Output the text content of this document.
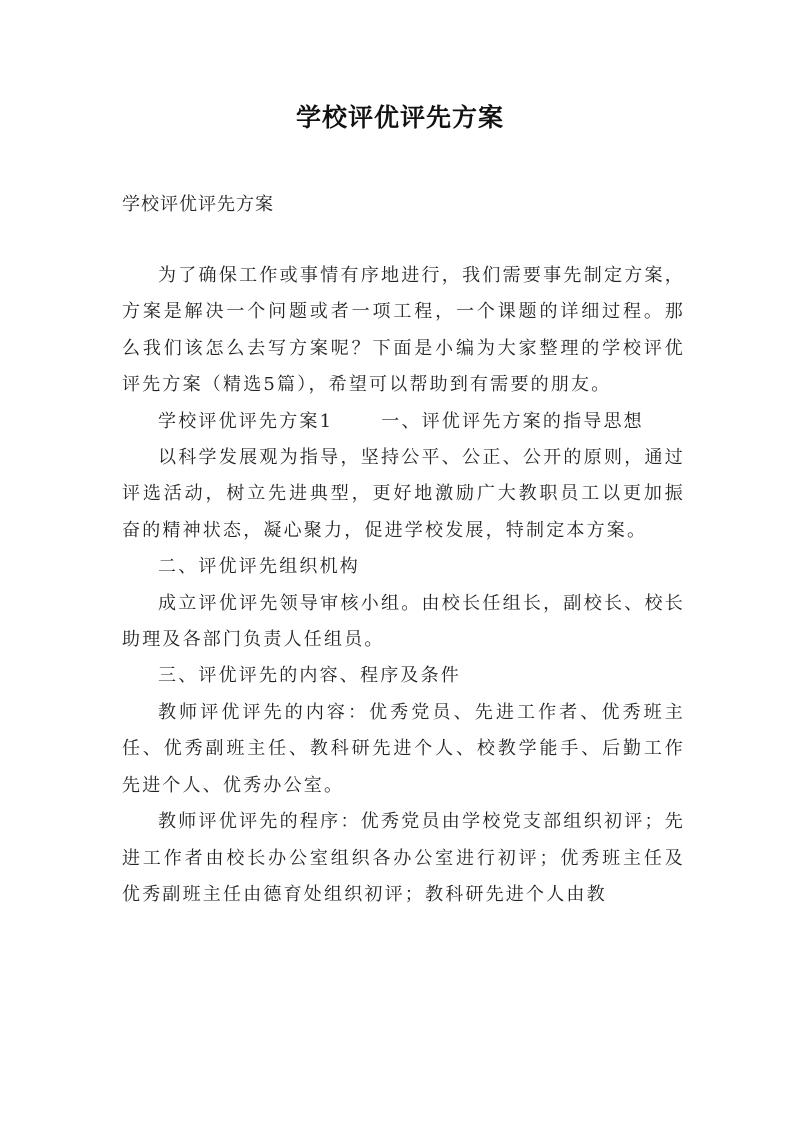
学校评优评先方案
学校评优评先方案

为了确保工作或事情有序地进行，我们需要事先制定方案，方案是解决一个问题或者一项工程，一个课题的详细过程。那么我们该怎么去写方案呢？下面是小编为大家整理的学校评优评先方案（精选5篇），希望可以帮助到有需要的朋友。

学校评优评先方案1	一、评优评先方案的指导思想

以科学发展观为指导，坚持公平、公正、公开的原则，通过评选活动，树立先进典型，更好地激励广大教职员工以更加振奋的精神状态，凝心聚力，促进学校发展，特制定本方案。

二、评优评先组织机构

成立评优评先领导审核小组。由校长任组长，副校长、校长助理及各部门负责人任组员。

三、评优评先的内容、程序及条件

教师评优评先的内容：优秀党员、先进工作者、优秀班主任、优秀副班主任、教科研先进个人、校教学能手、后勤工作先进个人、优秀办公室。

教师评优评先的程序：优秀党员由学校党支部组织初评；先进工作者由校长办公室组织各办公室进行初评；优秀班主任及优秀副班主任由德育处组织初评；教科研先进个人由教
